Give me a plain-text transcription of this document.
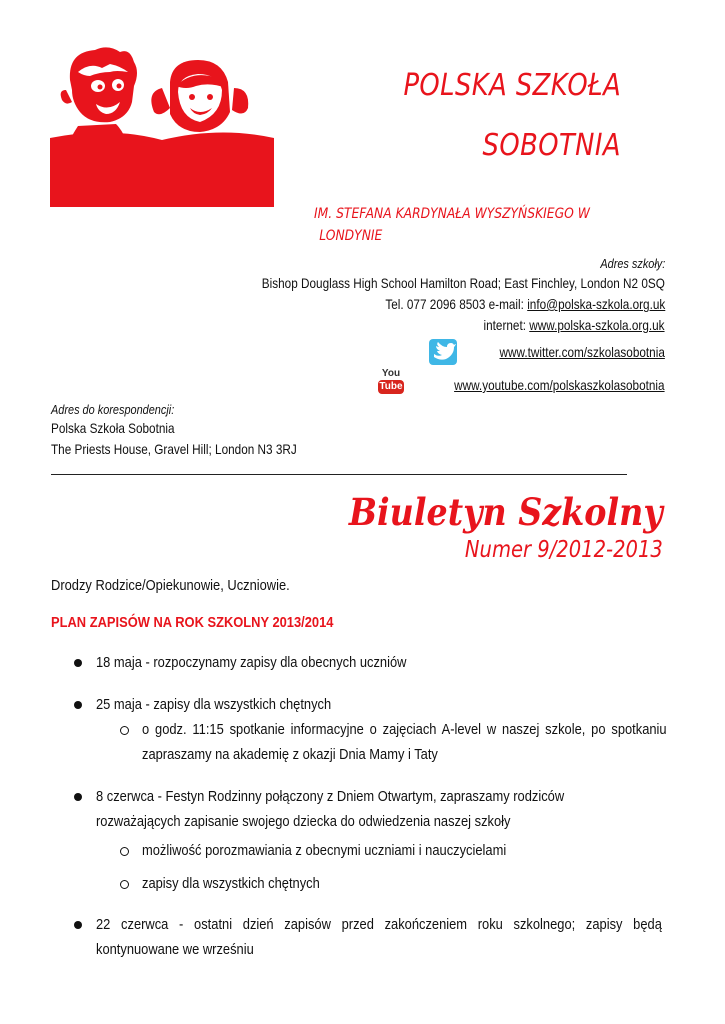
POLSKA SZKOŁA
SOBOTNIA
IM. STEFANA KARDYNAŁA WYSZYŃSKIEGO W
LONDYNIE
Adres szkoły:
Bishop Douglass High School Hamilton Road; East Finchley, London N2 0SQ
Tel. 077 2096 8503 e-mail: info@polska-szkola.org.uk
internet: www.polska-szkola.org.uk
www.twitter.com/szkolasobotnia
You
Tube	www.youtube.com/polskaszkolasobotnia
Adres do korespondencji:
Polska Szkoła Sobotnia
The Priests House, Gravel Hill; London N3 3RJ
Biuletyn Szkolny
Numer 9/2012-2013
Drodzy Rodzice/Opiekunowie, Uczniowie.
PLAN ZAPISÓW NA ROK SZKOLNY 2013/2014
18 maja - rozpoczynamy zapisy dla obecnych uczniów
25 maja - zapisy dla wszystkich chętnych
o godz. 11:15 spotkanie informacyjne o zajęciach A-level w naszej szkole, po spotkaniu zapraszamy na akademię z okazji Dnia Mamy i Taty
8 czerwca - Festyn Rodzinny połączony z Dniem Otwartym, zapraszamy rodziców rozważających zapisanie swojego dziecka do odwiedzenia naszej szkoły
możliwość porozmawiania z obecnymi uczniami i nauczycielami
zapisy dla wszystkich chętnych
22 czerwca - ostatni dzień zapisów przed zakończeniem roku szkolnego; zapisy będą kontynuowane we wrześniu
